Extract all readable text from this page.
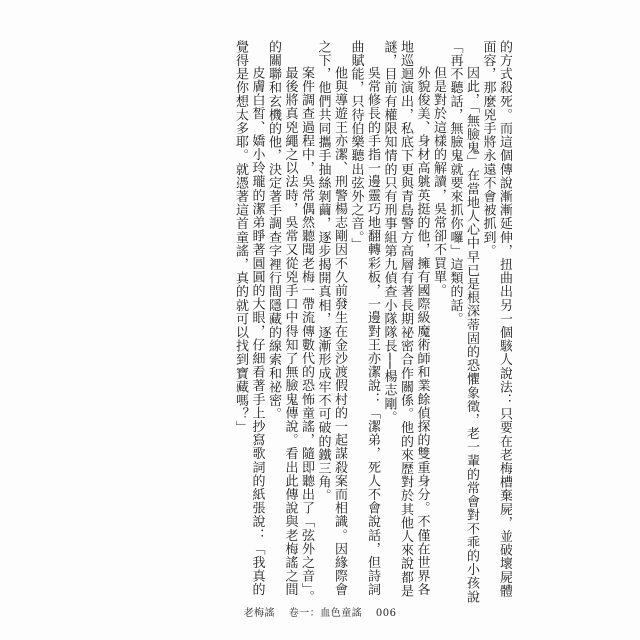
的方式殺死。而這個傳說漸漸延伸，扭曲出另一個駭人說法：只要在老梅槽棄屍，並破壞屍體面容，那麼兇手將永遠不會被抓到。

因此，「無臉鬼」在當地人心中早已是根深蒂固的恐懼象徵，老一輩的常會對不乖的小孩說「再不聽話，無臉鬼就要來抓你囉」這類的話。

但是對於這樣的解讀，吳常卻不買單。

外貌俊美、身材高䠷英挺的他，擁有國際級魔術師和業餘偵探的雙重身分。不僅在世界各地巡迴演出，私底下更與青島警方高層有著長期祕密合作關係。他的來歷對於其他人來說都是謎，目前有權限知情的只有刑事組第九偵查小隊隊長──楊志剛。

吳常修長的手指一邊靈巧地翻轉彩板，一邊對王亦潔說：「潔弟，死人不會說話，但詩詞曲賦能，只待伯樂聽出弦外之音。」

他與導遊王亦潔、刑警楊志剛因不久前發生在金沙渡假村的一起謀殺案而相識。因緣際會之下，他們共同攜手抽絲剝繭，逐步揭開真相，逐漸形成牢不可破的鐵三角。

案件調查過程中，吳常偶然聽聞老梅一帶流傳數代的恐怖童謠，隨即聽出了「弦外之音」。

最後將真兇繩之以法時，吳常又從兇手口中得知了無臉鬼傳說。看出此傳說與老梅謠之間的關聯和玄機的他，決定著手調查字裡行間隱藏的線索和祕密。

皮膚白皙、嬌小玲瓏的潔弟睜著圓圓的大眼，仔細看著手上抄寫歌詞的紙張說：「我真的覺得是你想太多耶。就憑著這首童謠，真的就可以找到寶藏嗎？」

老梅謠 卷一：血色童謠 006
